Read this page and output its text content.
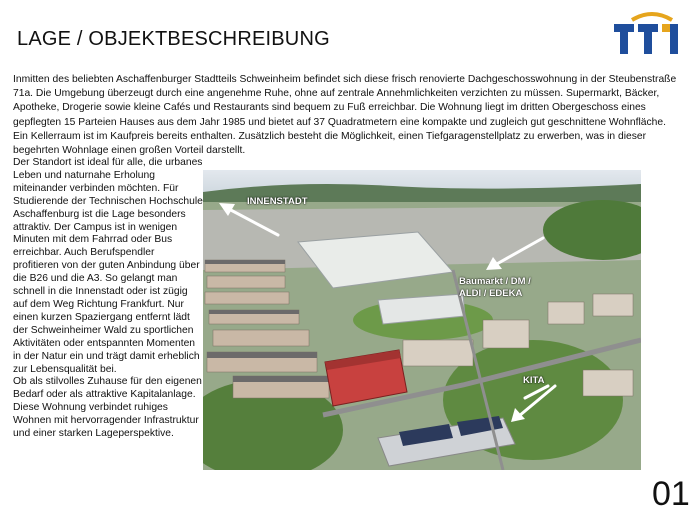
LAGE / OBJEKTBESCHREIBUNG

Inmitten des beliebten Aschaffenburger Stadtteils Schweinheim befindet sich diese frisch renovierte Dachgeschosswohnung in der Steubenstraße 71a. Die Umgebung überzeugt durch eine angenehme Ruhe, ohne auf zentrale Annehmlichkeiten verzichten zu müssen. Supermarkt, Bäcker, Apotheke, Drogerie sowie kleine Cafés und Restaurants sind bequem zu Fuß erreichbar. Die Wohnung liegt im dritten Obergeschoss eines gepflegten 15 Parteien Hauses aus dem Jahr 1985 und bietet auf 37 Quadratmetern eine kompakte und zugleich gut geschnittene Wohnfläche. Ein Kellerraum ist im Kaufpreis bereits enthalten. Zusätzlich besteht die Möglichkeit, einen Tiefgaragenstellplatz zu erwerben, was in dieser begehrten Wohnlage einen großen Vorteil darstellt.

Der Standort ist ideal für alle, die urbanes Leben und naturnahe Erholung miteinander verbinden möchten. Für Studierende der Technischen Hochschule Aschaffenburg ist die Lage besonders attraktiv. Der Campus ist in wenigen Minuten mit dem Fahrrad oder Bus erreichbar. Auch Berufspendler profitieren von der guten Anbindung über die B26 und die A3. So gelangt man schnell in die Innenstadt oder ist zügig auf dem Weg Richtung Frankfurt. Nur einen kurzen Spaziergang entfernt lädt der Schweinheimer Wald zu sportlichen Aktivitäten oder entspannten Momenten in der Natur ein und trägt damit erheblich zur Lebensqualität bei.
Ob als stilvolles Zuhause für den eigenen Bedarf oder als attraktive Kapitalanlage. Diese Wohnung verbindet ruhiges Wohnen mit hervorragender Infrastruktur und einer starken Lageperspektive.

INNENSTADT
Baumarkt / DM /
ALDI / EDEKA
KITA
01
